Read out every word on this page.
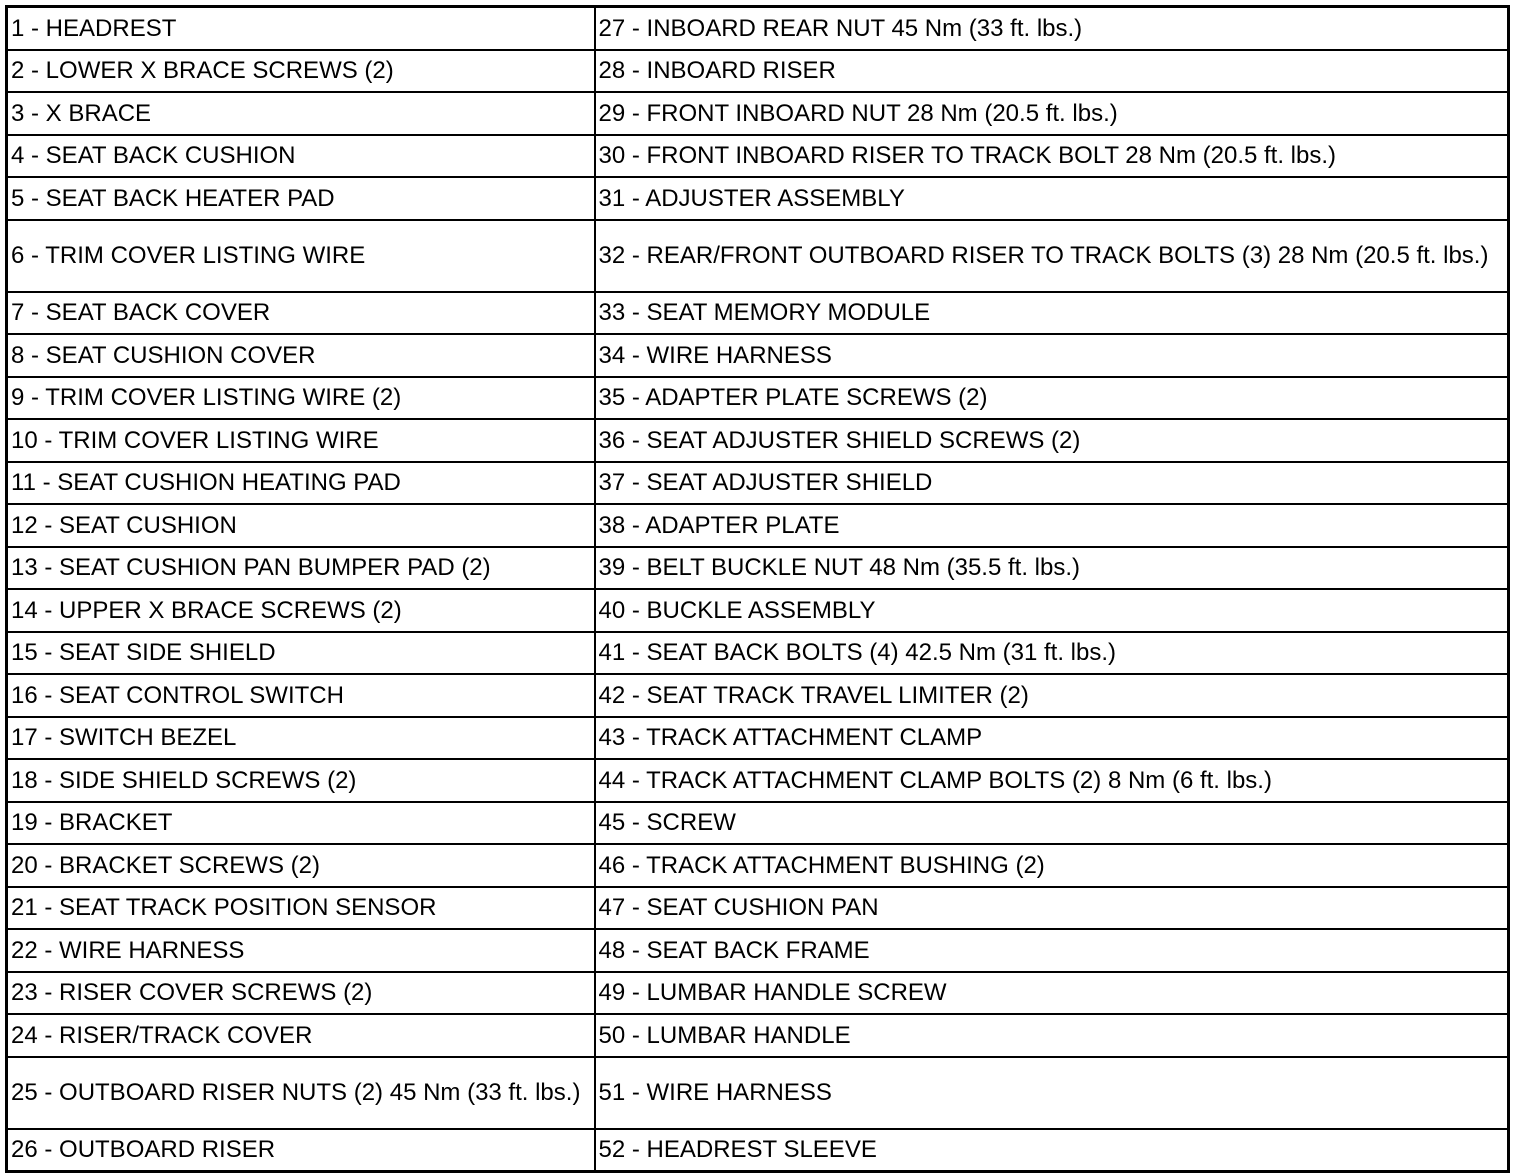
1 - HEADREST	27 - INBOARD REAR NUT 45 Nm (33 ft. lbs.)
2 - LOWER X BRACE SCREWS (2)	28 - INBOARD RISER
3 - X BRACE	29 - FRONT INBOARD NUT 28 Nm (20.5 ft. lbs.)
4 - SEAT BACK CUSHION	30 - FRONT INBOARD RISER TO TRACK BOLT 28 Nm (20.5 ft. lbs.)
5 - SEAT BACK HEATER PAD	31 - ADJUSTER ASSEMBLY
6 - TRIM COVER LISTING WIRE	32 - REAR/FRONT OUTBOARD RISER TO TRACK BOLTS (3) 28 Nm (20.5 ft. lbs.)
7 - SEAT BACK COVER	33 - SEAT MEMORY MODULE
8 - SEAT CUSHION COVER	34 - WIRE HARNESS
9 - TRIM COVER LISTING WIRE (2)	35 - ADAPTER PLATE SCREWS (2)
10 - TRIM COVER LISTING WIRE	36 - SEAT ADJUSTER SHIELD SCREWS (2)
11 - SEAT CUSHION HEATING PAD	37 - SEAT ADJUSTER SHIELD
12 - SEAT CUSHION	38 - ADAPTER PLATE
13 - SEAT CUSHION PAN BUMPER PAD (2)	39 - BELT BUCKLE NUT 48 Nm (35.5 ft. lbs.)
14 - UPPER X BRACE SCREWS (2)	40 - BUCKLE ASSEMBLY
15 - SEAT SIDE SHIELD	41 - SEAT BACK BOLTS (4) 42.5 Nm (31 ft. lbs.)
16 - SEAT CONTROL SWITCH	42 - SEAT TRACK TRAVEL LIMITER (2)
17 - SWITCH BEZEL	43 - TRACK ATTACHMENT CLAMP
18 - SIDE SHIELD SCREWS (2)	44 - TRACK ATTACHMENT CLAMP BOLTS (2) 8 Nm (6 ft. lbs.)
19 - BRACKET	45 - SCREW
20 - BRACKET SCREWS (2)	46 - TRACK ATTACHMENT BUSHING (2)
21 - SEAT TRACK POSITION SENSOR	47 - SEAT CUSHION PAN
22 - WIRE HARNESS	48 - SEAT BACK FRAME
23 - RISER COVER SCREWS (2)	49 - LUMBAR HANDLE SCREW
24 - RISER/TRACK COVER	50 - LUMBAR HANDLE
25 - OUTBOARD RISER NUTS (2) 45 Nm (33 ft. lbs.)	51 - WIRE HARNESS
26 - OUTBOARD RISER	52 - HEADREST SLEEVE
